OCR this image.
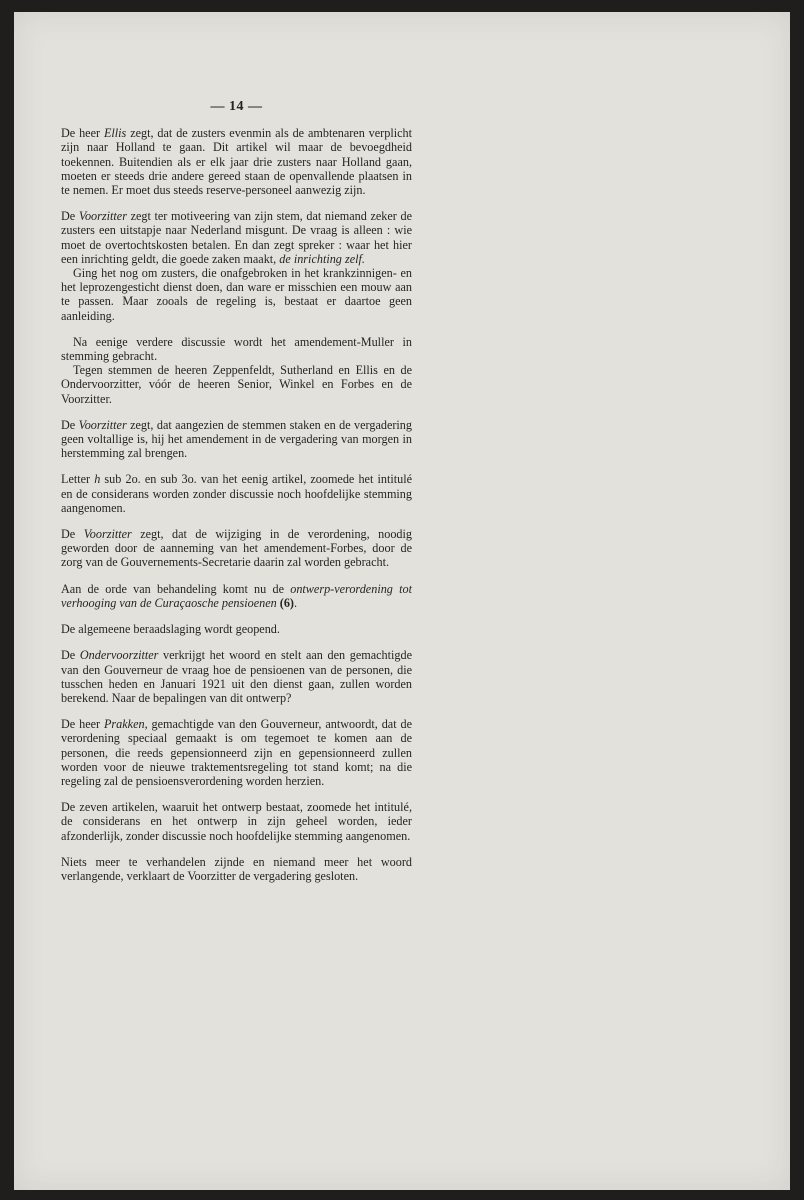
— 14 —

De heer Ellis zegt, dat de zusters evenmin als de ambtenaren verplicht zijn naar Holland te gaan. Dit artikel wil maar de bevoegdheid toekennen. Buitendien als er elk jaar drie zusters naar Holland gaan, moeten er steeds drie andere gereed staan de openvallende plaatsen in te nemen. Er moet dus steeds reserve-personeel aanwezig zijn.

De Voorzitter zegt ter motiveering van zijn stem, dat niemand zeker de zusters een uitstapje naar Nederland misgunt. De vraag is alleen : wie moet de overtochtskosten betalen. En dan zegt spreker : waar het hier een inrichting geldt, die goede zaken maakt, de inrichting zelf.

Ging het nog om zusters, die onafgebroken in het krankzinnigen- en het leprozengesticht dienst doen, dan ware er misschien een mouw aan te passen. Maar zooals de regeling is, bestaat er daartoe geen aanleiding.

Na eenige verdere discussie wordt het amendement-Muller in stemming gebracht.

Tegen stemmen de heeren Zeppenfeldt, Sutherland en Ellis en de Ondervoorzitter, vóór de heeren Senior, Winkel en Forbes en de Voorzitter.

De Voorzitter zegt, dat aangezien de stemmen staken en de vergadering geen voltallige is, hij het amendement in de vergadering van morgen in herstemming zal brengen.

Letter h sub 2o. en sub 3o. van het eenig artikel, zoomede het intitulé en de considerans worden zonder discussie noch hoofdelijke stemming aangenomen.

De Voorzitter zegt, dat de wijziging in de verordening, noodig geworden door de aanneming van het amendement-Forbes, door de zorg van de Gouvernements-Secretarie daarin zal worden gebracht.

Aan de orde van behandeling komt nu de ontwerp-verordening tot verhooging van de Curaçaosche pensioenen (6).

De algemeene beraadslaging wordt geopend.

De Ondervoorzitter verkrijgt het woord en stelt aan den gemachtigde van den Gouverneur de vraag hoe de pensioenen van de personen, die tusschen heden en Januari 1921 uit den dienst gaan, zullen worden berekend. Naar de bepalingen van dit ontwerp?

De heer Prakken, gemachtigde van den Gouverneur, antwoordt, dat de verordening speciaal gemaakt is om tegemoet te komen aan de personen, die reeds gepensionneerd zijn en gepensionneerd zullen worden voor de nieuwe traktementsregeling tot stand komt; na die regeling zal de pensioensverordening worden herzien.

De zeven artikelen, waaruit het ontwerp bestaat, zoomede het intitulé, de considerans en het ontwerp in zijn geheel worden, ieder afzonderlijk, zonder discussie noch hoofdelijke stemming aangenomen.

Niets meer te verhandelen zijnde en niemand meer het woord verlangende, verklaart de Voorzitter de vergadering gesloten.
